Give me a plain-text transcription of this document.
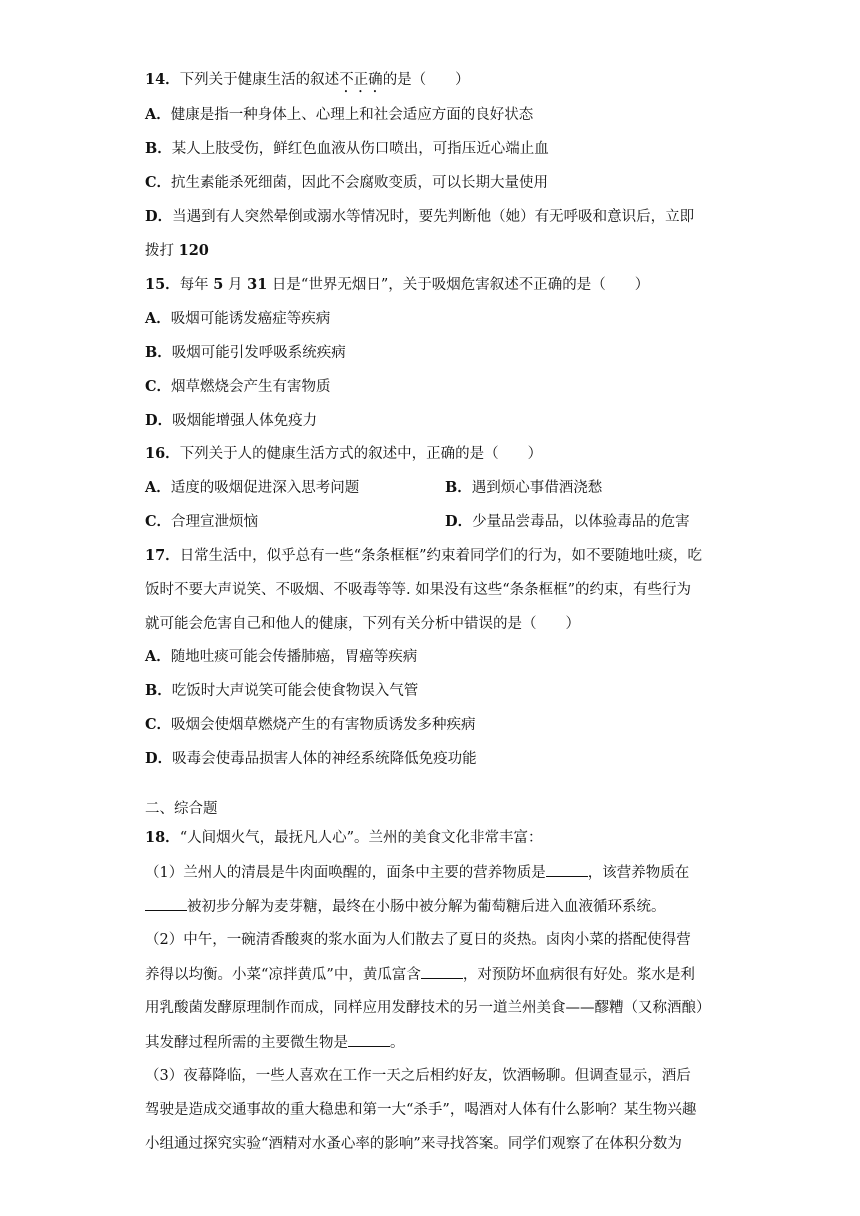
14．下列关于健康生活的叙述不正确的是（　　）
A．健康是指一种身体上、心理上和社会适应方面的良好状态
B．某人上肢受伤，鲜红色血液从伤口喷出，可指压近心端止血
C．抗生素能杀死细菌，因此不会腐败变质，可以长期大量使用
D．当遇到有人突然晕倒或溺水等情况时，要先判断他（她）有无呼吸和意识后，立即
拨打 120
15．每年 5 月 31 日是“世界无烟日”，关于吸烟危害叙述不正确的是（　　）
A．吸烟可能诱发癌症等疾病
B．吸烟可能引发呼吸系统疾病
C．烟草燃烧会产生有害物质
D．吸烟能增强人体免疫力
16．下列关于人的健康生活方式的叙述中，正确的是（　　）
A．适度的吸烟促进深入思考问题	B．遇到烦心事借酒浇愁
C．合理宣泄烦恼	D．少量品尝毒品，以体验毒品的危害
17．日常生活中，似乎总有一些“条条框框”约束着同学们的行为，如不要随地吐痰，吃
饭时不要大声说笑、不吸烟、不吸毒等等. 如果没有这些“条条框框”的约束，有些行为
就可能会危害自己和他人的健康，下列有关分析中错误的是（　　）
A．随地吐痰可能会传播肺癌，胃癌等疾病
B．吃饭时大声说笑可能会使食物误入气管
C．吸烟会使烟草燃烧产生的有害物质诱发多种疾病
D．吸毒会使毒品损害人体的神经系统降低免疫功能
二、综合题
18．“人间烟火气，最抚凡人心”。兰州的美食文化非常丰富：
（1）兰州人的清晨是牛肉面唤醒的，面条中主要的营养物质是	，该营养物质在
被初步分解为麦芽糖，最终在小肠中被分解为葡萄糖后进入血液循环系统。
（2）中午，一碗清香酸爽的浆水面为人们散去了夏日的炎热。卤肉小菜的搭配使得营
养得以均衡。小菜“凉拌黄瓜”中，黄瓜富含	，对预防坏血病很有好处。浆水是利
用乳酸菌发酵原理制作而成，同样应用发酵技术的另一道兰州美食——醪糟（又称酒酿）
其发酵过程所需的主要微生物是	。
（3）夜幕降临，一些人喜欢在工作一天之后相约好友，饮酒畅聊。但调查显示，酒后
驾驶是造成交通事故的重大稳患和第一大“杀手”，喝酒对人体有什么影响？某生物兴趣
小组通过探究实验“酒精对水蚤心率的影响”来寻找答案。同学们观察了在体积分数为
